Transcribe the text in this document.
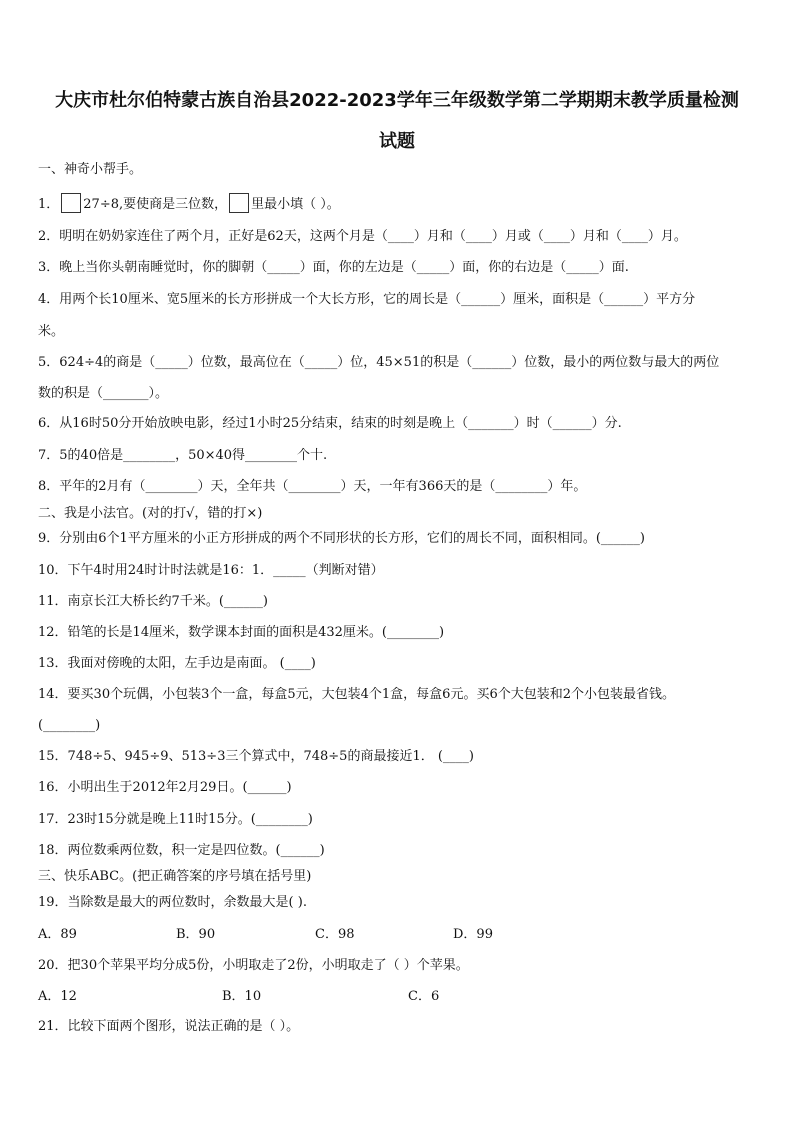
大庆市杜尔伯特蒙古族自治县2022-2023学年三年级数学第二学期期末教学质量检测
试题
一、神奇小帮手。
1． 27÷8,要使商是三位数， 里最小填（ ）。
2．明明在奶奶家连住了两个月，正好是62天，这两个月是（____）月和（____）月或（____）月和（____）月。
3．晚上当你头朝南睡觉时，你的脚朝（_____）面，你的左边是（_____）面，你的右边是（_____）面.
4．用两个长10厘米、宽5厘米的长方形拼成一个大长方形，它的周长是（______）厘米，面积是（______）平方分
米。
5．624÷4的商是（_____）位数，最高位在（_____）位，45×51的积是（______）位数，最小的两位数与最大的两位
数的积是（_______）。
6．从16时50分开始放映电影，经过1小时25分结束，结束的时刻是晚上（_______）时（______）分.
7．5的40倍是________，50×40得________个十.
8．平年的2月有（________）天，全年共（________）天，一年有366天的是（________）年。
二、我是小法官。(对的打√，错的打×)
9．分别由6个1平方厘米的小正方形拼成的两个不同形状的长方形，它们的周长不同，面积相同。(______)
10．下午4时用24时计时法就是16：1．_____（判断对错）
11．南京长江大桥长约7千米。(______)
12．铅笔的长是14厘米，数学课本封面的面积是432厘米。(________)
13．我面对傍晚的太阳，左手边是南面。 (____)
14．要买30个玩偶，小包装3个一盒，每盒5元，大包装4个1盒，每盒6元。买6个大包装和2个小包装最省钱。
(________)
15．748÷5、945÷9、513÷3三个算式中，748÷5的商最接近1． (____)
16．小明出生于2012年2月29日。(______)
17．23时15分就是晚上11时15分。(________)
18．两位数乘两位数，积一定是四位数。(______)
三、快乐ABC。(把正确答案的序号填在括号里)
19．当除数是最大的两位数时，余数最大是( ).
A．89	B．90	C．98	D．99
20．把30个苹果平均分成5份，小明取走了2份，小明取走了（ ）个苹果。
A．12	B．10	C．6
21．比较下面两个图形，说法正确的是（ ）。
